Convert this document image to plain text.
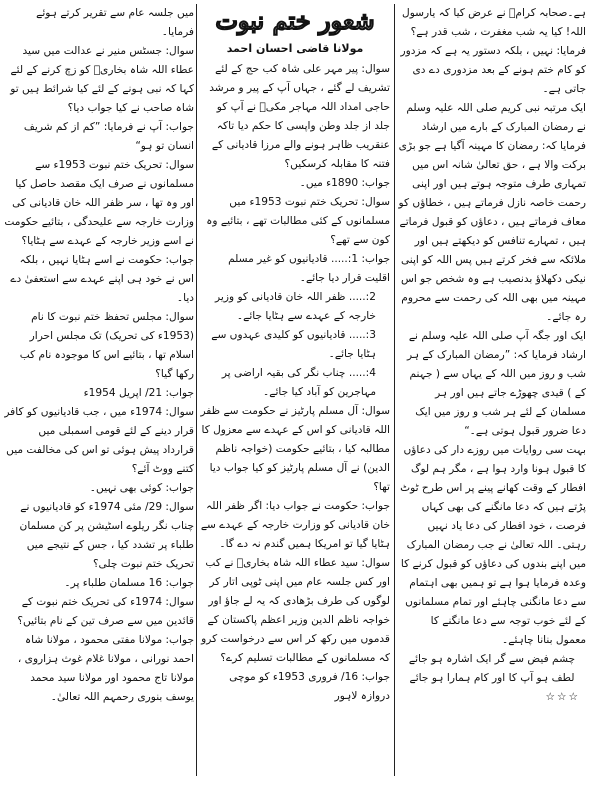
میں جلسہ عام سے تقریر کرتے ہوئے فرمایا۔

سوال: جسٹس منیر نے عدالت میں سید عطاء اللہ شاہ بخاریؒ کو زچ کرنے کے لئے کہا کہ نبی ہونے کے لئے کیا شرائط ہیں تو شاہ صاحب نے کیا جواب دیا؟

جواب: آپ نے فرمایا: ”کم از کم شریف انسان تو ہو“

سوال: تحریک ختم نبوت 1953ء سے مسلمانوں نے صرف ایک مقصد حاصل کیا اور وہ تھا ، سر ظفر اللہ خان قادیانی کی وزارت خارجہ سے علیحدگی ، بتائیے حکومت نے اسے وزیر خارجہ کے عہدے سے ہٹایا؟

جواب: حکومت نے اسے ہٹایا نہیں ، بلکہ اس نے خود ہی اپنے عہدے سے استعفیٰ دے دیا۔

سوال: مجلس تحفظ ختم نبوت کا نام (1953ء کی تحریک) تک مجلس احرار اسلام تھا ، بتائیے اس کا موجودہ نام کب رکھا گیا؟

جواب: 21/ اپریل 1954ء

سوال: 1974ء میں ، جب قادیانیوں کو کافر قرار دینے کے لئے قومی اسمبلی میں قرارداد پیش ہوئی تو اس کی مخالفت میں کتنے ووٹ آئے؟

جواب: کوئی بھی نہیں۔

سوال: 29/ مئی 1974ء کو قادیانیوں نے چناب نگر ریلوے اسٹیشن پر کن مسلمان طلباء پر تشدد کیا ، جس کے نتیجے میں تحریک ختم نبوت چلی؟

جواب: 16 مسلمان طلباء پر۔

سوال: 1974ء کی تحریک ختم نبوت کے قائدین میں سے صرف تین کے نام بتائیں؟

جواب: مولانا مفتی محمود ، مولانا شاہ احمد نورانی ، مولانا غلام غوث ہزاروی ، مولانا تاج محمود اور مولانا سید محمد یوسف بنوری رحمہم اللہ تعالیٰ۔

شعور ختم نبوت
مولانا قاضی احسان احمد

سوال: پیر مہر علی شاہ کب حج کے لئے تشریف لے گئے ، جہاں آپ کے پیر و مرشد حاجی امداد اللہ مہاجر مکیؒ نے آپ کو جلد از جلد وطن واپسی کا حکم دیا تاکہ عنقریب ظاہر ہونے والے مرزا قادیانی کے فتنہ کا مقابلہ کرسکیں؟

جواب: 1890ء میں۔

سوال: تحریک ختم نبوت 1953ء میں مسلمانوں کے کئی مطالبات تھے ، بتائیے وہ کون سے تھے؟

جواب: 1:..... قادیانیوں کو غیر مسلم اقلیت قرار دیا جائے۔

2:..... ظفر اللہ خان قادیانی کو وزیر خارجہ کے عہدے سے ہٹایا جائے۔

3:..... قادیانیوں کو کلیدی عہدوں سے ہٹایا جائے۔

4:..... چناب نگر کی بقیہ اراضی پر مہاجرین کو آباد کیا جائے۔

سوال: آل مسلم پارٹیز نے حکومت سے ظفر اللہ قادیانی کو اس کے عہدے سے معزول کا مطالبہ کیا ، بتائیے حکومت (خواجہ ناظم الدین) نے آل مسلم پارٹیز کو کیا جواب دیا تھا؟

جواب: حکومت نے جواب دیا: اگر ظفر اللہ خان قادیانی کو وزارت خارجہ کے عہدے سے ہٹایا گیا تو امریکا ہمیں گندم نہ دے گا۔

سوال: سید عطاء اللہ شاہ بخاریؒ نے کب اور کس جلسہ عام میں اپنی ٹوپی اتار کر لوگوں کی طرف بڑھادی کہ یہ لے جاؤ اور خواجہ ناظم الدین وزیر اعظم پاکستان کے قدموں میں رکھ کر اس سے درخواست کرو کہ مسلمانوں کے مطالبات تسلیم کرے؟

جواب: 16/ فروری 1953ء کو موچی دروازہ لاہور

ہے۔صحابہ کرامؓ نے عرض کیا کہ یارسول اللہ! کیا یہ شب مغفرت ، شب قدر ہے؟

فرمایا: نہیں ، بلکہ دستور یہ ہے کہ مزدور کو کام ختم ہونے کے بعد مزدوری دے دی جاتی ہے۔

ایک مرتبہ نبی کریم صلی اللہ علیہ وسلم نے رمضان المبارک کے بارے میں ارشاد فرمایا کہ: رمضان کا مہینہ آگیا ہے جو بڑی برکت والا ہے ، حق تعالیٰ شانہ اس میں تمہاری طرف متوجہ ہوتے ہیں اور اپنی رحمت خاصہ نازل فرماتے ہیں ، خطاؤں کو معاف فرماتے ہیں ، دعاؤں کو قبول فرماتے ہیں ، تمہارے تنافس کو دیکھتے ہیں اور ملائکہ سے فخر کرتے ہیں پس اللہ کو اپنی نیکی دکھلاؤ بدنصیب ہے وہ شخص جو اس مہینہ میں بھی اللہ کی رحمت سے محروم رہ جائے۔

ایک اور جگہ آپ صلی اللہ علیہ وسلم نے ارشاد فرمایا کہ: ”رمضان المبارک کے ہر شب و روز میں اللہ کے یہاں سے ( جہنم کے ) قیدی چھوڑے جاتے ہیں اور ہر مسلمان کے لئے ہر شب و روز میں ایک دعا ضرور قبول ہوتی ہے۔“

بہت سی روایات میں روزے دار کی دعاؤں کا قبول ہونا وارد ہوا ہے ، مگر ہم لوگ افطار کے وقت کھانے پینے پر اس طرح ٹوٹ پڑتے ہیں کہ دعا مانگنے کی بھی کہاں فرصت ، خود افطار کی دعا یاد نہیں رہتی۔ اللہ تعالیٰ نے جب رمضان المبارک میں اپنے بندوں کی دعاؤں کو قبول کرنے کا وعدہ فرمایا ہوا ہے تو ہمیں بھی اہتمام سے دعا مانگنی چاہئے اور تمام مسلمانوں کے لئے خوب توجہ سے دعا مانگنے کا معمول بنانا چاہئے۔

چشم فیض سے گر ایک اشارہ ہو جائے

لطف ہو آپ کا اور کام ہمارا ہو جائے

☆☆☆
